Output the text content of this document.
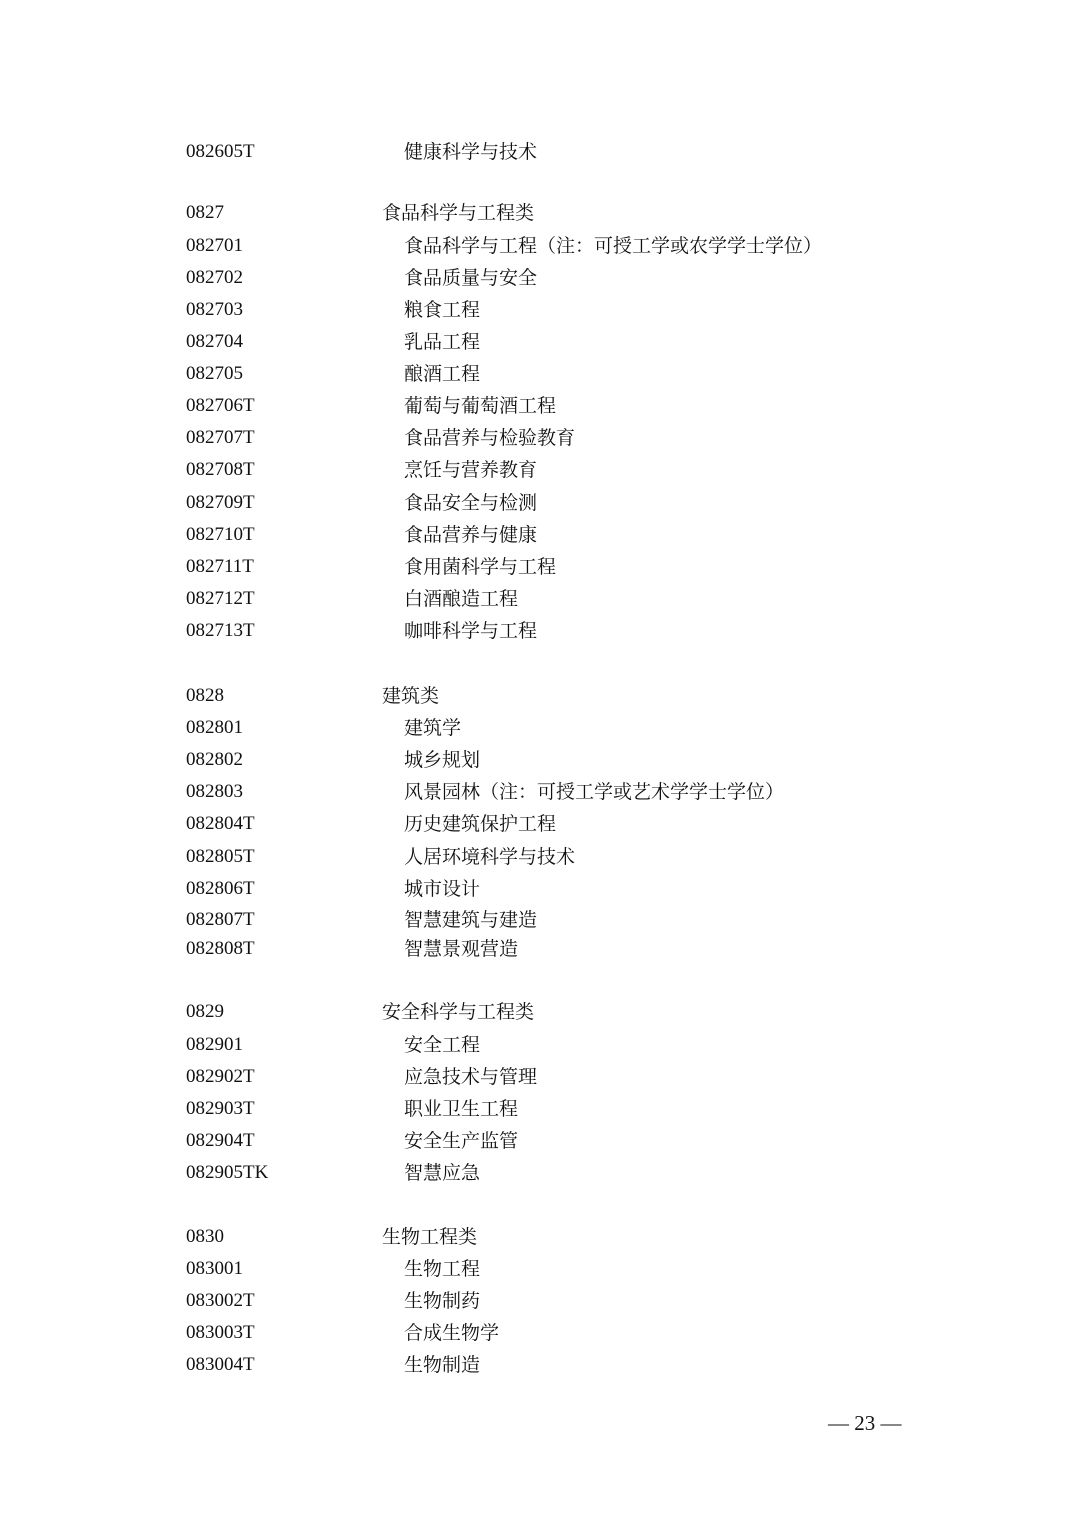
082605T	健康科学与技术
0827	食品科学与工程类
082701	食品科学与工程（注：可授工学或农学学士学位）
082702	食品质量与安全
082703	粮食工程
082704	乳品工程
082705	酿酒工程
082706T	葡萄与葡萄酒工程
082707T	食品营养与检验教育
082708T	烹饪与营养教育
082709T	食品安全与检测
082710T	食品营养与健康
082711T	食用菌科学与工程
082712T	白酒酿造工程
082713T	咖啡科学与工程
0828	建筑类
082801	建筑学
082802	城乡规划
082803	风景园林（注：可授工学或艺术学学士学位）
082804T	历史建筑保护工程
082805T	人居环境科学与技术
082806T	城市设计
082807T	智慧建筑与建造
082808T	智慧景观营造
0829	安全科学与工程类
082901	安全工程
082902T	应急技术与管理
082903T	职业卫生工程
082904T	安全生产监管
082905TK	智慧应急
0830	生物工程类
083001	生物工程
083002T	生物制药
083003T	合成生物学
083004T	生物制造
— 23 —
